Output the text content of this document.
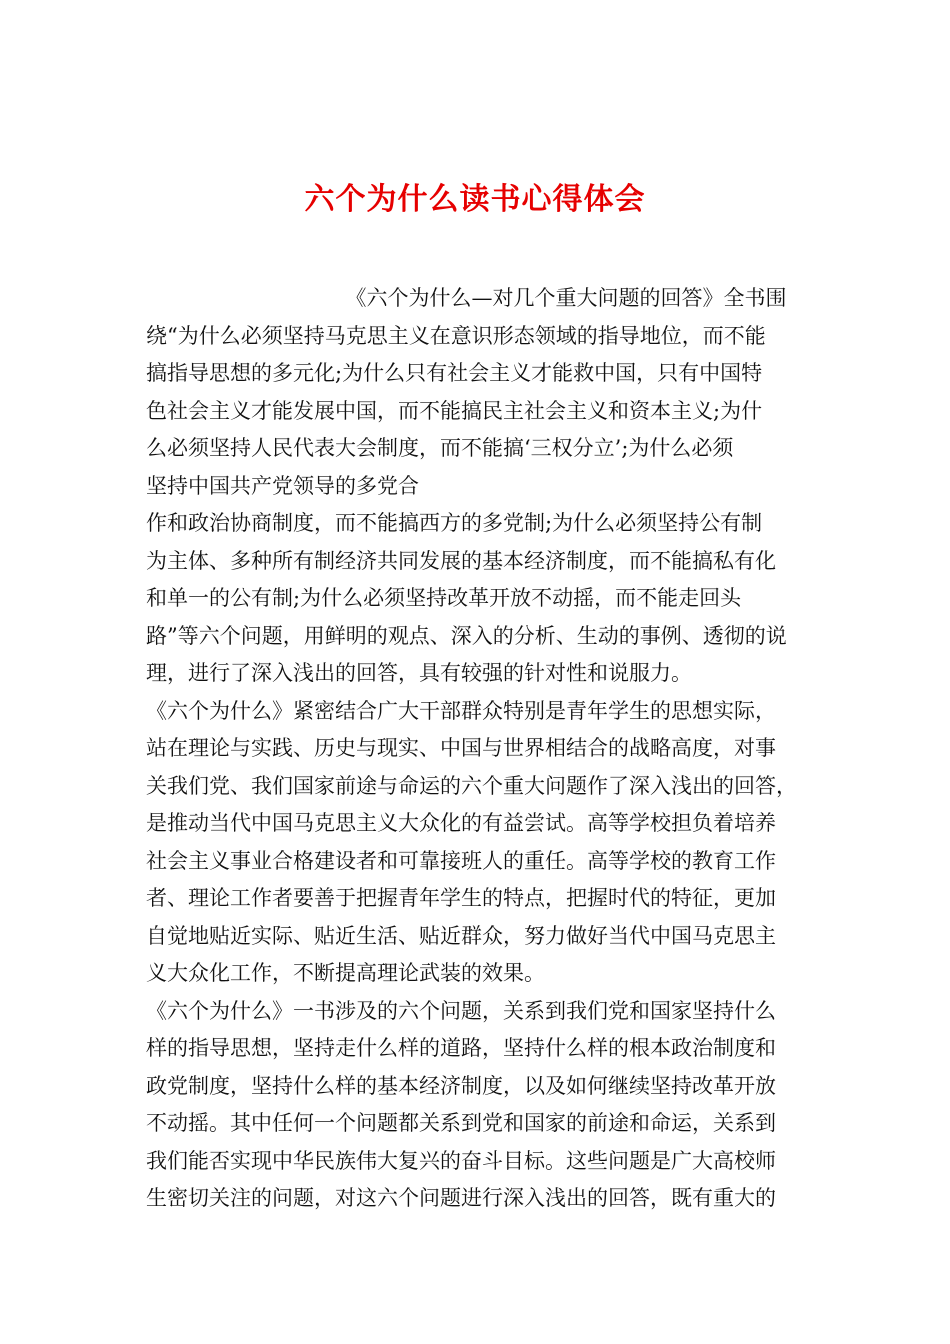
六个为什么读书心得体会
　　　　　　　　　　《六个为什么—对几个重大问题的回答》全书围
绕“为什么必须坚持马克思主义在意识形态领域的指导地位，而不能
搞指导思想的多元化;为什么只有社会主义才能救中国，只有中国特
色社会主义才能发展中国，而不能搞民主社会主义和资本主义;为什
么必须坚持人民代表大会制度，而不能搞‘三权分立’;为什么必须
坚持中国共产党领导的多党合
作和政治协商制度，而不能搞西方的多党制;为什么必须坚持公有制
为主体、多种所有制经济共同发展的基本经济制度，而不能搞私有化
和单一的公有制;为什么必须坚持改革开放不动摇，而不能走回头
路”等六个问题，用鲜明的观点、深入的分析、生动的事例、透彻的说
理，进行了深入浅出的回答，具有较强的针对性和说服力。
《六个为什么》紧密结合广大干部群众特别是青年学生的思想实际，
站在理论与实践、历史与现实、中国与世界相结合的战略高度，对事
关我们党、我们国家前途与命运的六个重大问题作了深入浅出的回答，
是推动当代中国马克思主义大众化的有益尝试。高等学校担负着培养
社会主义事业合格建设者和可靠接班人的重任。高等学校的教育工作
者、理论工作者要善于把握青年学生的特点，把握时代的特征，更加
自觉地贴近实际、贴近生活、贴近群众，努力做好当代中国马克思主
义大众化工作，不断提高理论武装的效果。
《六个为什么》一书涉及的六个问题，关系到我们党和国家坚持什么
样的指导思想，坚持走什么样的道路，坚持什么样的根本政治制度和
政党制度，坚持什么样的基本经济制度，以及如何继续坚持改革开放
不动摇。其中任何一个问题都关系到党和国家的前途和命运，关系到
我们能否实现中华民族伟大复兴的奋斗目标。这些问题是广大高校师
生密切关注的问题，对这六个问题进行深入浅出的回答，既有重大的
